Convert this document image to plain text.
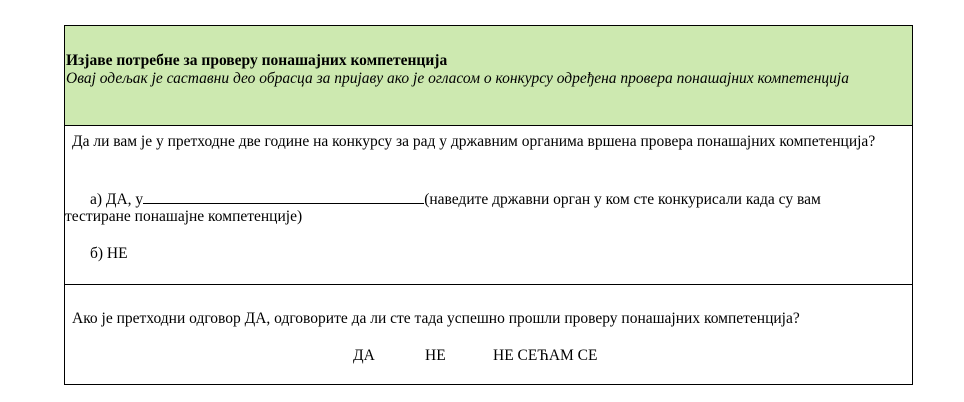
Изјаве потребне за проверу понашајних компетенција
Овај одељак је саставни део обрасца за пријаву ако је огласом о конкурсу одређена провера понашајних компетенција
Да ли вам је у претходне две године на конкурсу за рад у државним органима вршена провера понашајних компетенција?
а) ДА, у	(наведите државни орган у ком сте конкурисали када су вам
тестиране понашајне компетенције)
б) НЕ
Ако је претходни одговор ДА, одговорите да ли сте тада успешно прошли проверу понашајних компетенција?
ДА	НЕ	НЕ СЕЋАМ СЕ
